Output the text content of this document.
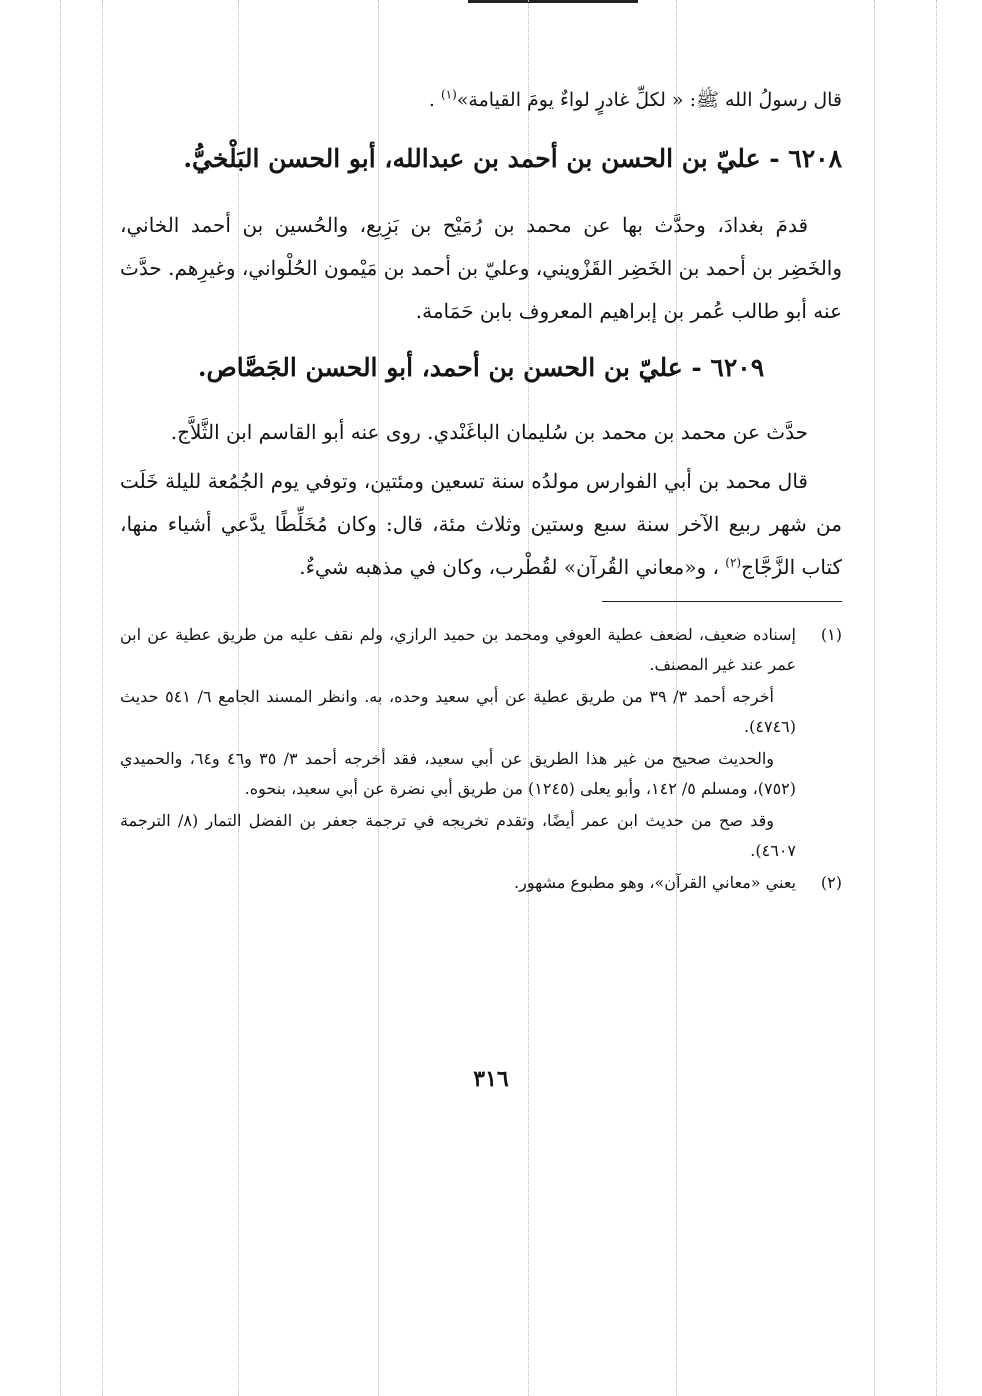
قال رسولُ الله ﷺ: « لكلِّ غادرٍ لواءٌ يومَ القيامة»$^{(١)}$ .

٦٢٠٨ - عليّ بن الحسن بن أحمد بن عبدالله، أبو الحسن البَلْخيُّ.

قدمَ بغدادَ، وحدَّث بها عن محمد بن رُمَيْح بن بَزِيع، والحُسين بن أحمد الخاني، والخَضِر بن أحمد بن الخَضِر القَزْويني، وعليّ بن أحمد بن مَيْمون الحُلْواني، وغيرِهم. حدَّث عنه أبو طالب عُمر بن إبراهيم المعروف بابن حَمَامة.

٦٢٠٩ - عليّ بن الحسن بن أحمد، أبو الحسن الجَصَّاص.

حدَّث عن محمد بن محمد بن سُليمان الباغَنْدي. روى عنه أبو القاسم ابن الثَّلاَّج.

قال محمد بن أبي الفوارس مولدُه سنة تسعين ومئتين، وتوفي يوم الجُمُعة لليلة خَلَت من شهر ربيع الآخر سنة سبع وستين وثلاث مئة، قال: وكان مُخَلِّطًا يدَّعي أشياء منها، كتاب الزَّجَّاج$^{(٢)}$ ، و«معاني القُرآن» لقُطْرب، وكان في مذهبه شيءٌ.

(١)
إسناده ضعيف، لضعف عطية العوفي ومحمد بن حميد الرازي، ولم نقف عليه من طريق عطية عن ابن عمر عند غير المصنف.

أخرجه أحمد ٣/ ٣٩ من طريق عطية عن أبي سعيد وحده، به. وانظر المسند الجامع ٦/ ٥٤١ حديث (٤٧٤٦).

والحديث صحيح من غير هذا الطريق عن أبي سعيد، فقد أخرجه أحمد ٣/ ٣٥ و٤٦ و٦٤، والحميدي (٧٥٢)، ومسلم ٥/ ١٤٢، وأبو يعلى (١٢٤٥) من طريق أبي نضرة عن أبي سعيد، بنحوه.

وقد صح من حديث ابن عمر أيضًا، وتقدم تخريجه في ترجمة جعفر بن الفضل التمار (٨/ الترجمة ٤٦٠٧).

(٢)
يعني «معاني القرآن»، وهو مطبوع مشهور.

٣١٦
